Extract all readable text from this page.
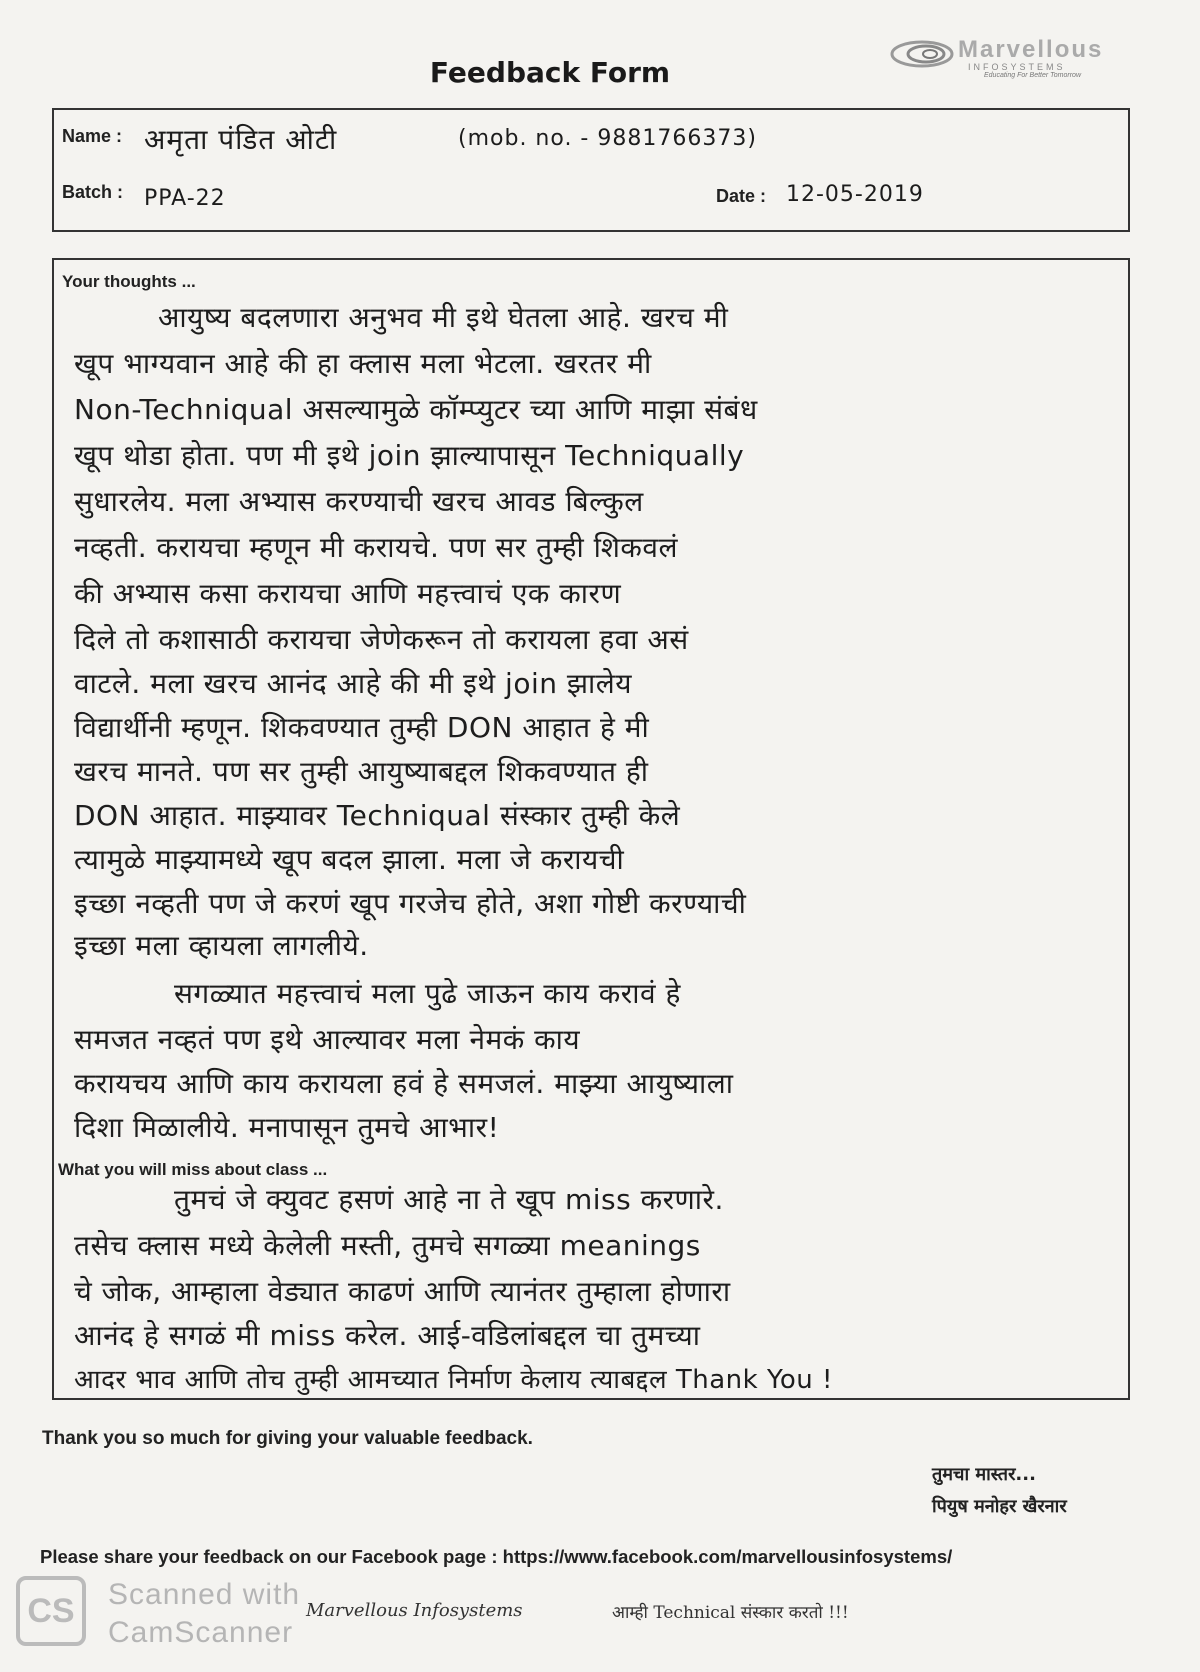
Marvellous
INFOSYSTEMS
Educating For Better Tomorrow
Feedback Form
Name : अमृता पंडित ओटी	(mob. no. - 9881766373)
Batch : PPA-22	Date : 12-05-2019
Your thoughts ...
आयुष्य बदलणारा अनुभव मी इथे घेतला आहे. खरच मी
खूप भाग्यवान आहे की हा क्लास मला भेटला. खरतर मी
Non-Techniqual असल्यामुळे कॉम्प्युटर च्या आणि माझा संबंध
खूप थोडा होता. पण मी इथे join झाल्यापासून Techniqually
सुधारलेय. मला अभ्यास करण्याची खरच आवड बिल्कुल
नव्हती. करायचा म्हणून मी करायचे. पण सर तुम्ही शिकवलं
की अभ्यास कसा करायचा आणि महत्त्वाचं एक कारण
दिले तो कशासाठी करायचा जेणेकरून तो करायला हवा असं
वाटले. मला खरच आनंद आहे की मी इथे join झालेय
विद्यार्थीनी म्हणून. शिकवण्यात तुम्ही DON आहात हे मी
खरच मानते. पण सर तुम्ही आयुष्याबद्दल शिकवण्यात ही
DON आहात. माझ्यावर Techniqual संस्कार तुम्ही केले
त्यामुळे माझ्यामध्ये खूप बदल झाला. मला जे करायची
इच्छा नव्हती पण जे करणं खूप गरजेच होते, अशा गोष्टी करण्याची
इच्छा मला व्हायला लागलीये.
सगळ्यात महत्त्वाचं मला पुढे जाऊन काय करावं हे
समजत नव्हतं पण इथे आल्यावर मला नेमकं काय
करायचय आणि काय करायला हवं हे समजलं. माझ्या आयुष्याला
दिशा मिळालीये. मनापासून तुमचे आभार!
What you will miss about class ...
तुमचं जे क्युवट हसणं आहे ना ते खूप miss करणारे.
तसेच क्लास मध्ये केलेली मस्ती, तुमचे सगळ्या meanings
चे जोक, आम्हाला वेड्यात काढणं आणि त्यानंतर तुम्हाला होणारा
आनंद हे सगळं मी miss करेल. आई-वडिलांबद्दल चा तुमच्या
आदर भाव आणि तोच तुम्ही आमच्यात निर्माण केलाय त्याबद्दल Thank You !
Thank you so much for giving your valuable feedback.
तुमचा मास्तर...
पियुष मनोहर खैरनार
Please share your feedback on our Facebook page : https://www.facebook.com/marvellousinfosystems/
Marvellous Infosystems	आम्ही Technical संस्कार करतो !!!
CS	Scanned with
CamScanner
